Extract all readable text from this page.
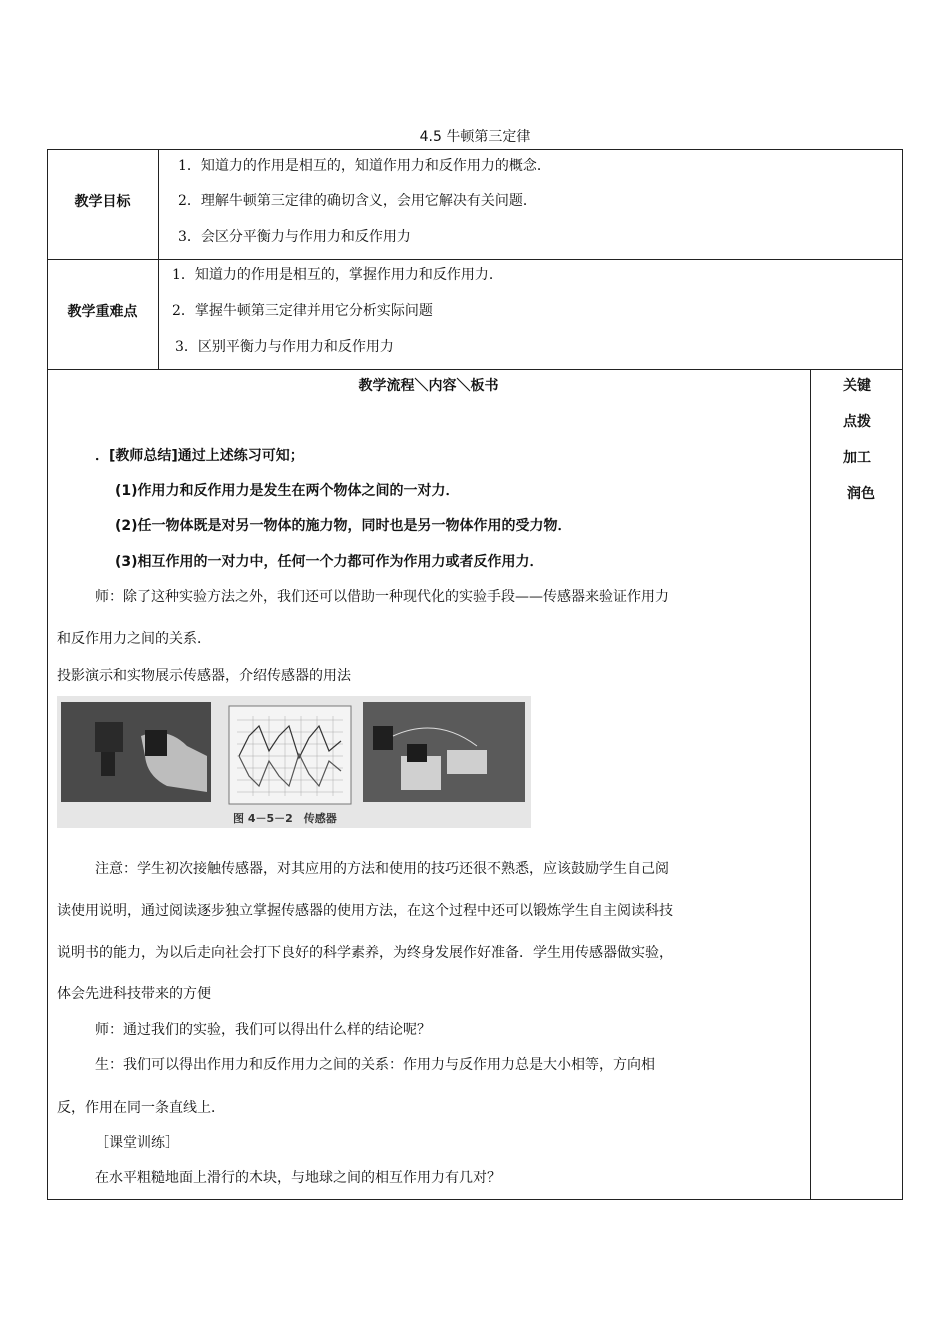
4.5 牛顿第三定律
教学目标
1．知道力的作用是相互的，知道作用力和反作用力的概念．
2．理解牛顿第三定律的确切含义，会用它解决有关问题．
3．会区分平衡力与作用力和反作用力
教学重难点
1．知道力的作用是相互的，掌握作用力和反作用力．
2．掌握牛顿第三定律并用它分析实际问题
3．区别平衡力与作用力和反作用力
教学流程＼内容＼板书
．[教师总结]通过上述练习可知；
(1)作用力和反作用力是发生在两个物体之间的一对力．
(2)任一物体既是对另一物体的施力物，同时也是另一物体作用的受力物．
(3)相互作用的一对力中，任何一个力都可作为作用力或者反作用力．
师：除了这种实验方法之外，我们还可以借助一种现代化的实验手段——传感器来验证作用力
和反作用力之间的关系．
投影演示和实物展示传感器，介绍传感器的用法
图 4－5－2　传感器
注意：学生初次接触传感器，对其应用的方法和使用的技巧还很不熟悉，应该鼓励学生自己阅
读使用说明，通过阅读逐步独立掌握传感器的使用方法，在这个过程中还可以锻炼学生自主阅读科技
说明书的能力，为以后走向社会打下良好的科学素养，为终身发展作好准备．学生用传感器做实验，
体会先进科技带来的方便
师：通过我们的实验，我们可以得出什么样的结论呢？
生：我们可以得出作用力和反作用力之间的关系：作用力与反作用力总是大小相等，方向相
反，作用在同一条直线上．
［课堂训练］
在水平粗糙地面上滑行的木块，与地球之间的相互作用力有几对？
关键
点拨
加工
润色
